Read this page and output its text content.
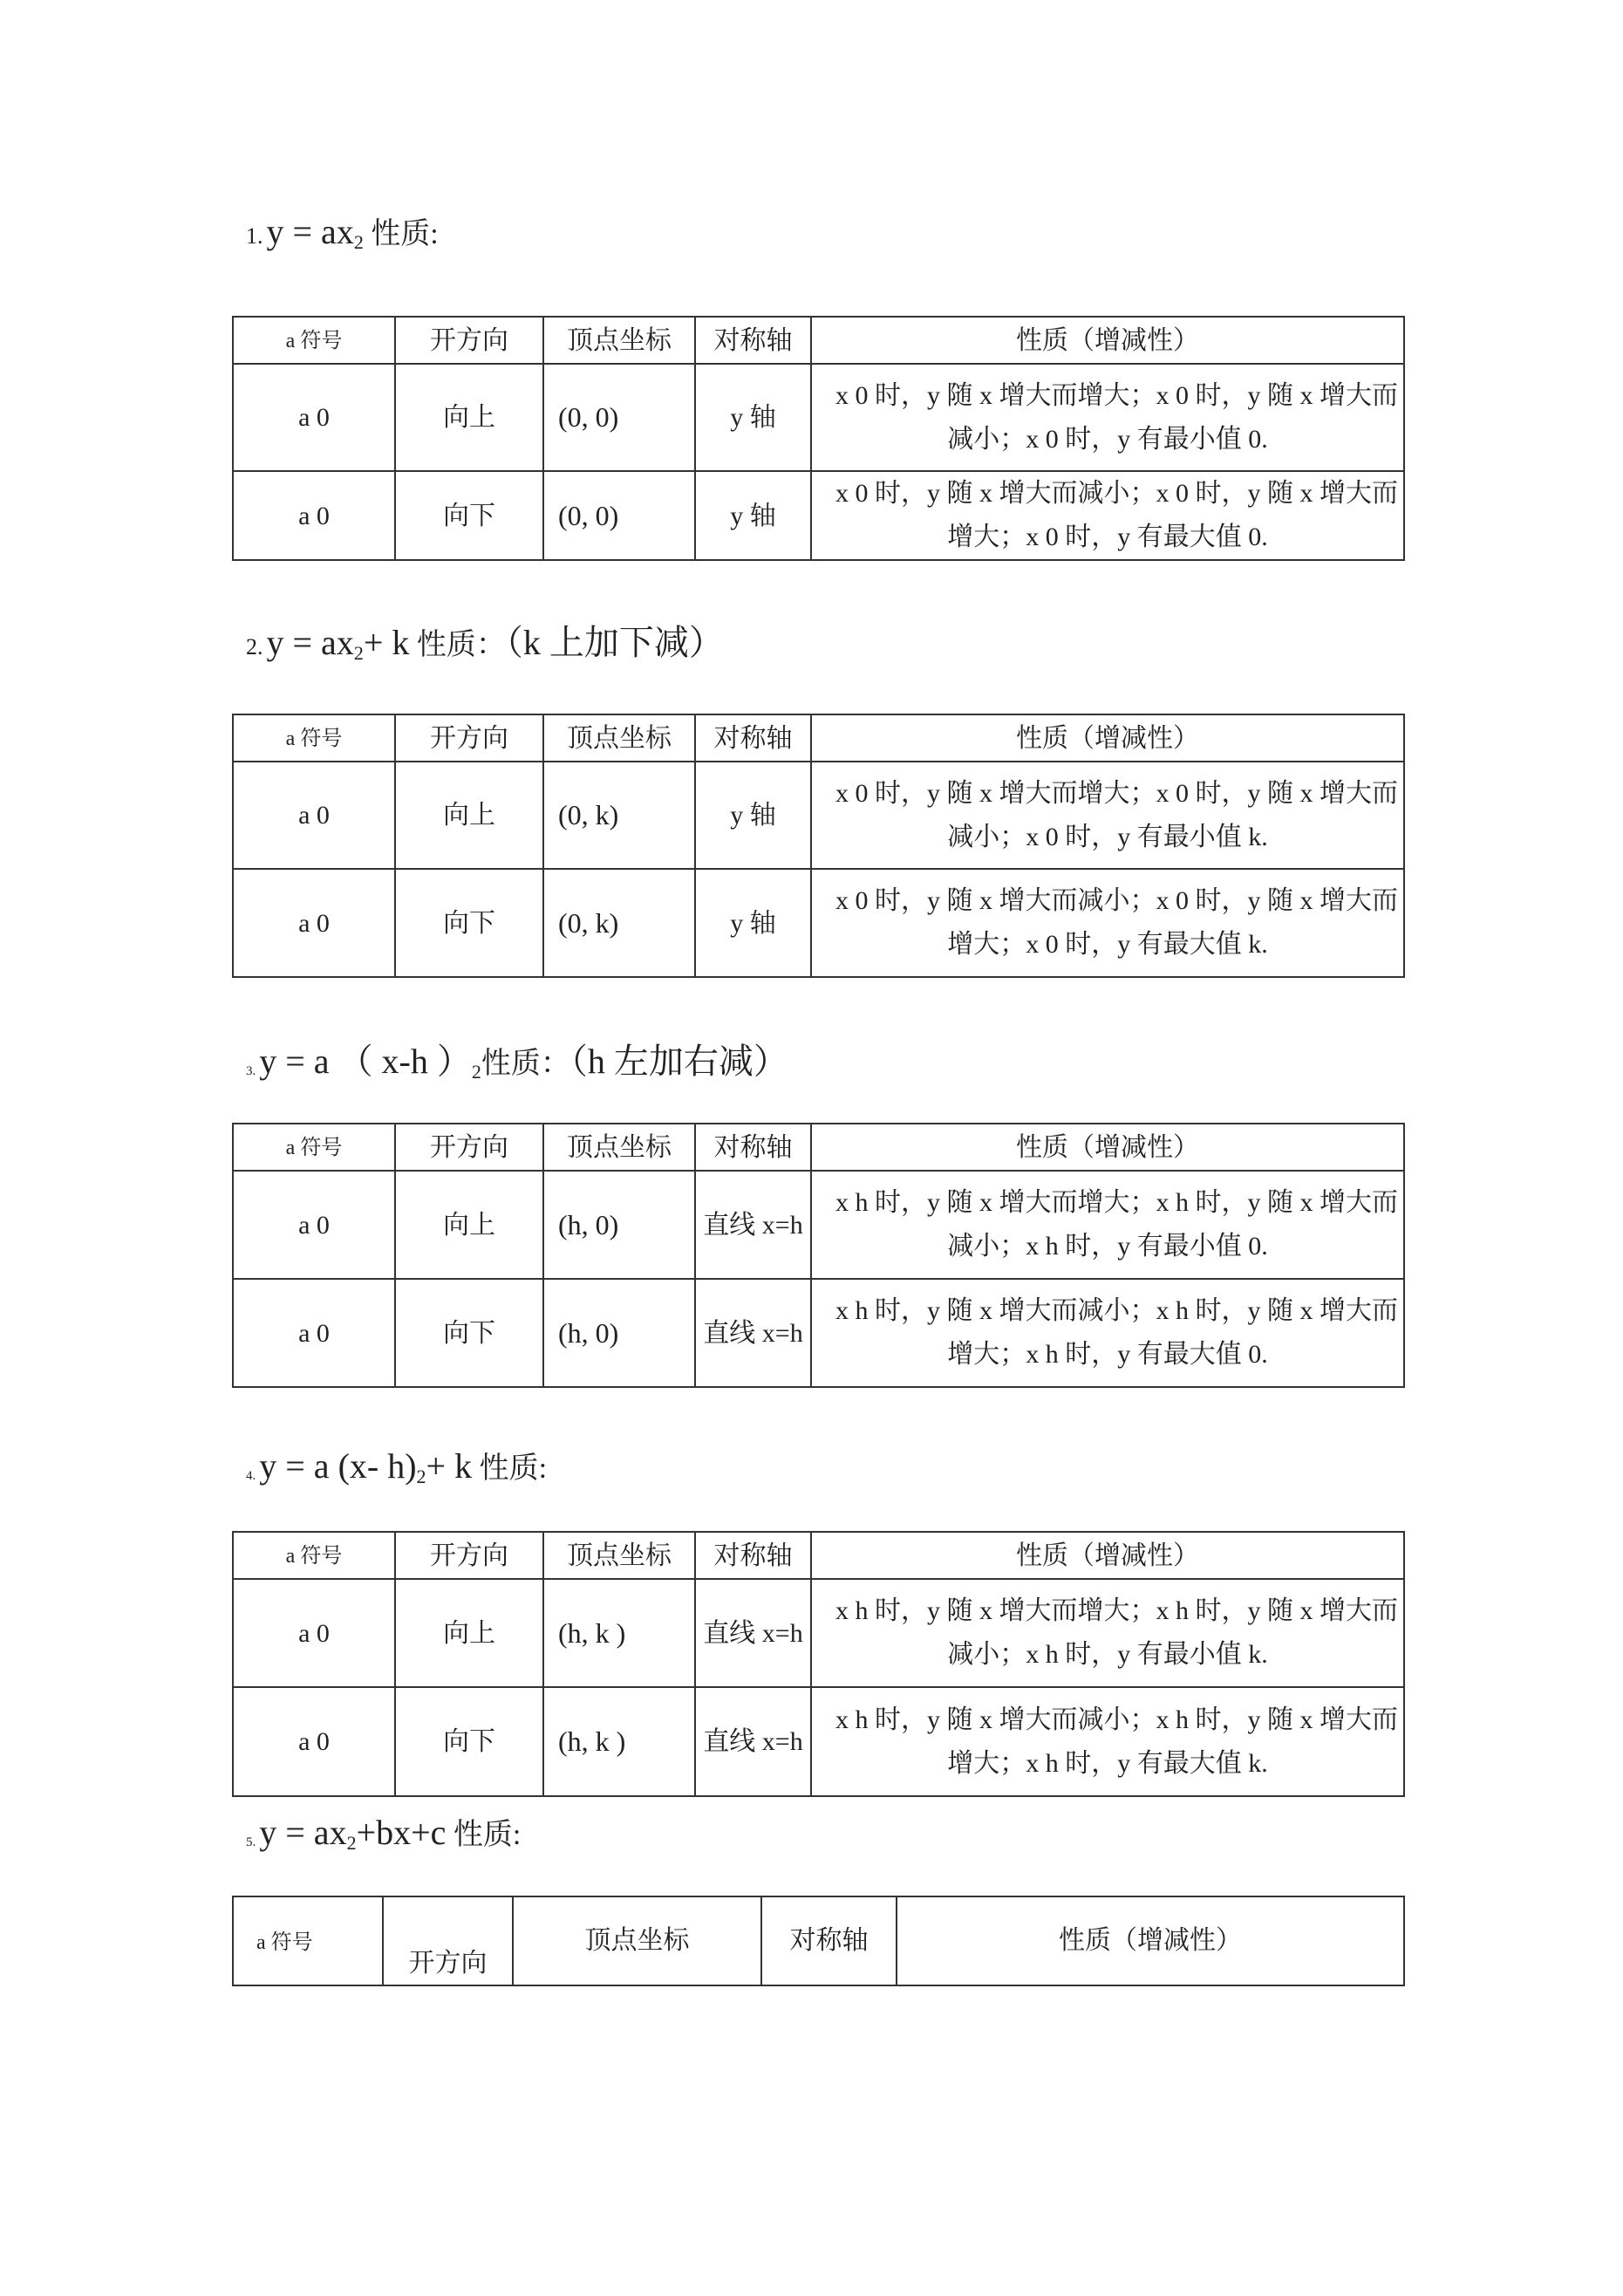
1. y = ax2 性质:
a 符号	开方向	顶点坐标	对称轴	性质（增减性）
a 0	向上	(0, 0)	y 轴	x 0 时，y 随 x 增大而增大；x 0 时，y 随 x 增大而
减小；x 0 时，y 有最小值 0.

a 0	向下	(0, 0)	y 轴	x 0 时，y 随 x 增大而减小；x 0 时，y 随 x 增大而
增大；x 0 时，y 有最大值 0.
2. y = ax2+ k 性质：（k 上加下减）
a 符号	开方向	顶点坐标	对称轴	性质（增减性）
a 0	向上	(0, k)	y 轴	x 0 时，y 随 x 增大而增大；x 0 时，y 随 x 增大而
减小；x 0 时，y 有最小值 k.

a 0	向下	(0, k)	y 轴	x 0 时，y 随 x 增大而减小；x 0 时，y 随 x 增大而
增大；x 0 时，y 有最大值 k.
3. y = a （ x-h ）2性质：（h 左加右减）
a 符号	开方向	顶点坐标	对称轴	性质（增减性）
a 0	向上	(h, 0)	直线 x=h	x h 时，y 随 x 增大而增大；x h 时，y 随 x 增大而
减小；x h 时，y 有最小值 0.

a 0	向下	(h, 0)	直线 x=h	x h 时，y 随 x 增大而减小；x h 时，y 随 x 增大而
增大；x h 时，y 有最大值 0.
4. y = a (x- h)2+ k 性质:
a 符号	开方向	顶点坐标	对称轴	性质（增减性）
a 0	向上	(h, k )	直线 x=h	x h 时，y 随 x 增大而增大；x h 时，y 随 x 增大而
减小；x h 时，y 有最小值 k.

a 0	向下	(h, k )	直线 x=h	x h 时，y 随 x 增大而减小；x h 时，y 随 x 增大而
增大；x h 时，y 有最大值 k.
5. y = ax2+bx+c 性质:
a 符号	开方向	顶点坐标	对称轴	性质（增减性）
